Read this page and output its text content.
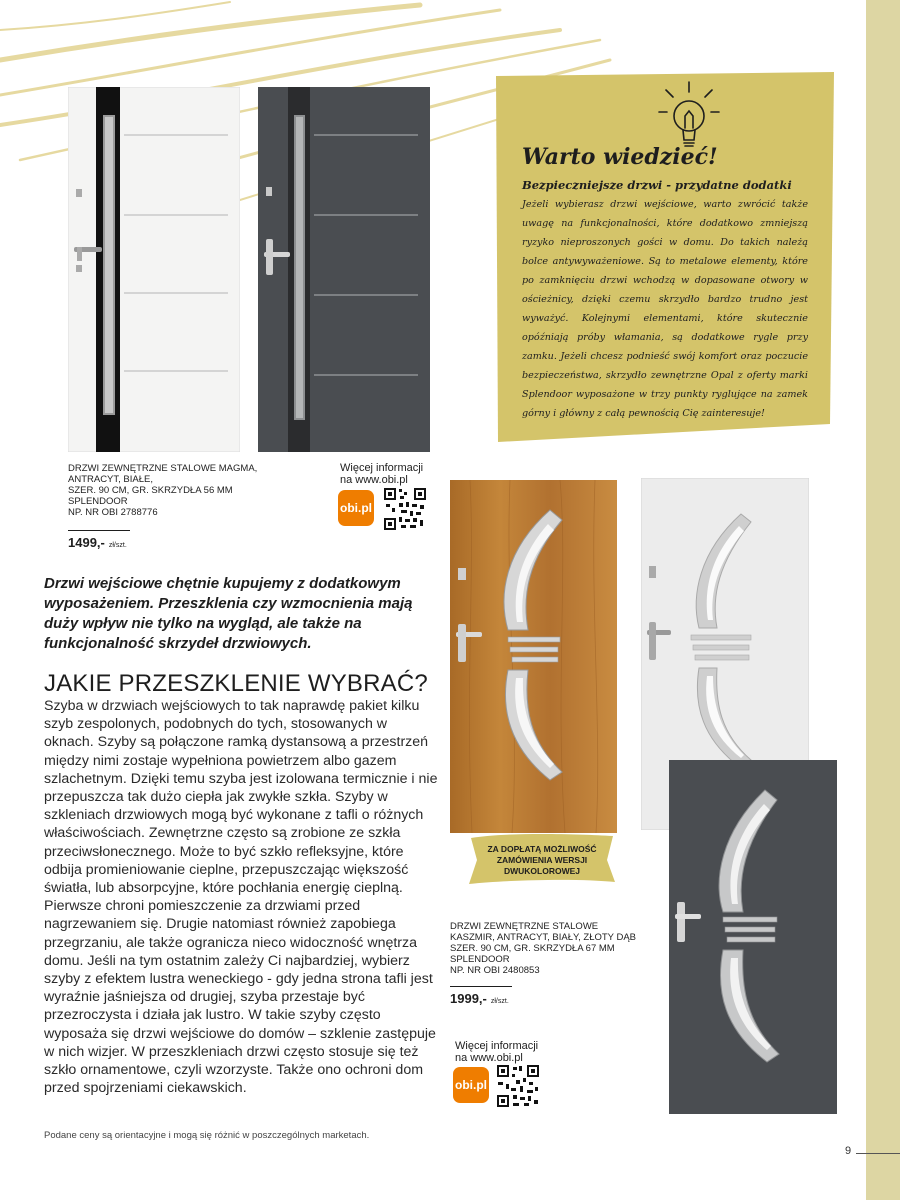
Warto wiedzieć!
Bezpieczniejsze drzwi - przydatne dodatki
Jeżeli wybierasz drzwi wejściowe, warto zwrócić także uwagę na funkcjonalności, które dodatkowo zmniejszą ryzyko nieproszonych gości w domu. Do takich należą bolce antywyważeniowe. Są to metalowe elementy, które po zamknięciu drzwi wchodzą w dopasowane otwory w ościeżnicy, dzięki czemu skrzydło bardzo trudno jest wyważyć. Kolejnymi elementami, które skutecznie opóźniają próby włamania, są dodatkowe rygle przy zamku. Jeżeli chcesz podnieść swój komfort oraz poczucie bezpieczeństwa, skrzydło zewnętrzne Opal z oferty marki Splendoor wyposażone w trzy punkty ryglujące na zamek górny i główny z całą pewnością Cię zainteresuje!
DRZWI ZEWNĘTRZNE STALOWE MAGMA,
ANTRACYT, BIAŁE,
SZER. 90 CM, GR. SKRZYDŁA 56 MM
SPLENDOOR
NP. NR OBI 2788776
1499,- zł/szt.
Więcej informacji
na www.obi.pl
obi.pl
ZA DOPŁATĄ MOŻLIWOŚĆ ZAMÓWIENIA WERSJI DWUKOLOROWEJ
DRZWI ZEWNĘTRZNE STALOWE
KASZMIR, ANTRACYT, BIAŁY, ZŁOTY DĄB
SZER. 90 CM, GR. SKRZYDŁA 67 MM
SPLENDOOR
NP. NR OBI 2480853
1999,- zł/szt.
Więcej informacji
na www.obi.pl
obi.pl
Drzwi wejściowe chętnie kupujemy z dodatkowym wyposażeniem. Przeszklenia czy wzmocnienia mają duży wpływ nie tylko na wygląd, ale także na funkcjonalność skrzydeł drzwiowych.
JAKIE PRZESZKLENIE WYBRAĆ?
Szyba w drzwiach wejściowych to tak naprawdę pakiet kilku szyb zespolonych, podobnych do tych, stosowanych w oknach. Szyby są połączone ramką dystansową a przestrzeń między nimi zostaje wypełniona powietrzem albo gazem szlachetnym. Dzięki temu szyba jest izolowana termicznie i nie przepuszcza tak dużo ciepła jak zwykłe szkła. Szyby w szkleniach drzwiowych mogą być wykonane z tafli o różnych właściwościach. Zewnętrzne często są zrobione ze szkła przeciwsłonecznego. Może to być szkło refleksyjne, które odbija promieniowanie cieplne, przepuszczając większość światła, lub absorpcyjne, które pochłania energię cieplną. Pierwsze chroni pomieszczenie za drzwiami przed nagrzewaniem się. Drugie natomiast również zapobiega przegrzaniu, ale także ogranicza nieco widoczność wnętrza domu. Jeśli na tym ostatnim zależy Ci najbardziej, wybierz szyby z efektem lustra weneckiego - gdy jedna strona tafli jest wyraźnie jaśniejsza od drugiej, szyba przestaje być przezroczysta i działa jak lustro. W takie szyby często wyposaża się drzwi wejściowe do domów – szklenie zastępuje w nich wizjer. W przeszkleniach drzwi często stosuje się też szkło ornamentowe, czyli wzorzyste. Także ono ochroni dom przed spojrzeniami ciekawskich.
Podane ceny są orientacyjne i mogą się różnić w poszczególnych marketach.
9
